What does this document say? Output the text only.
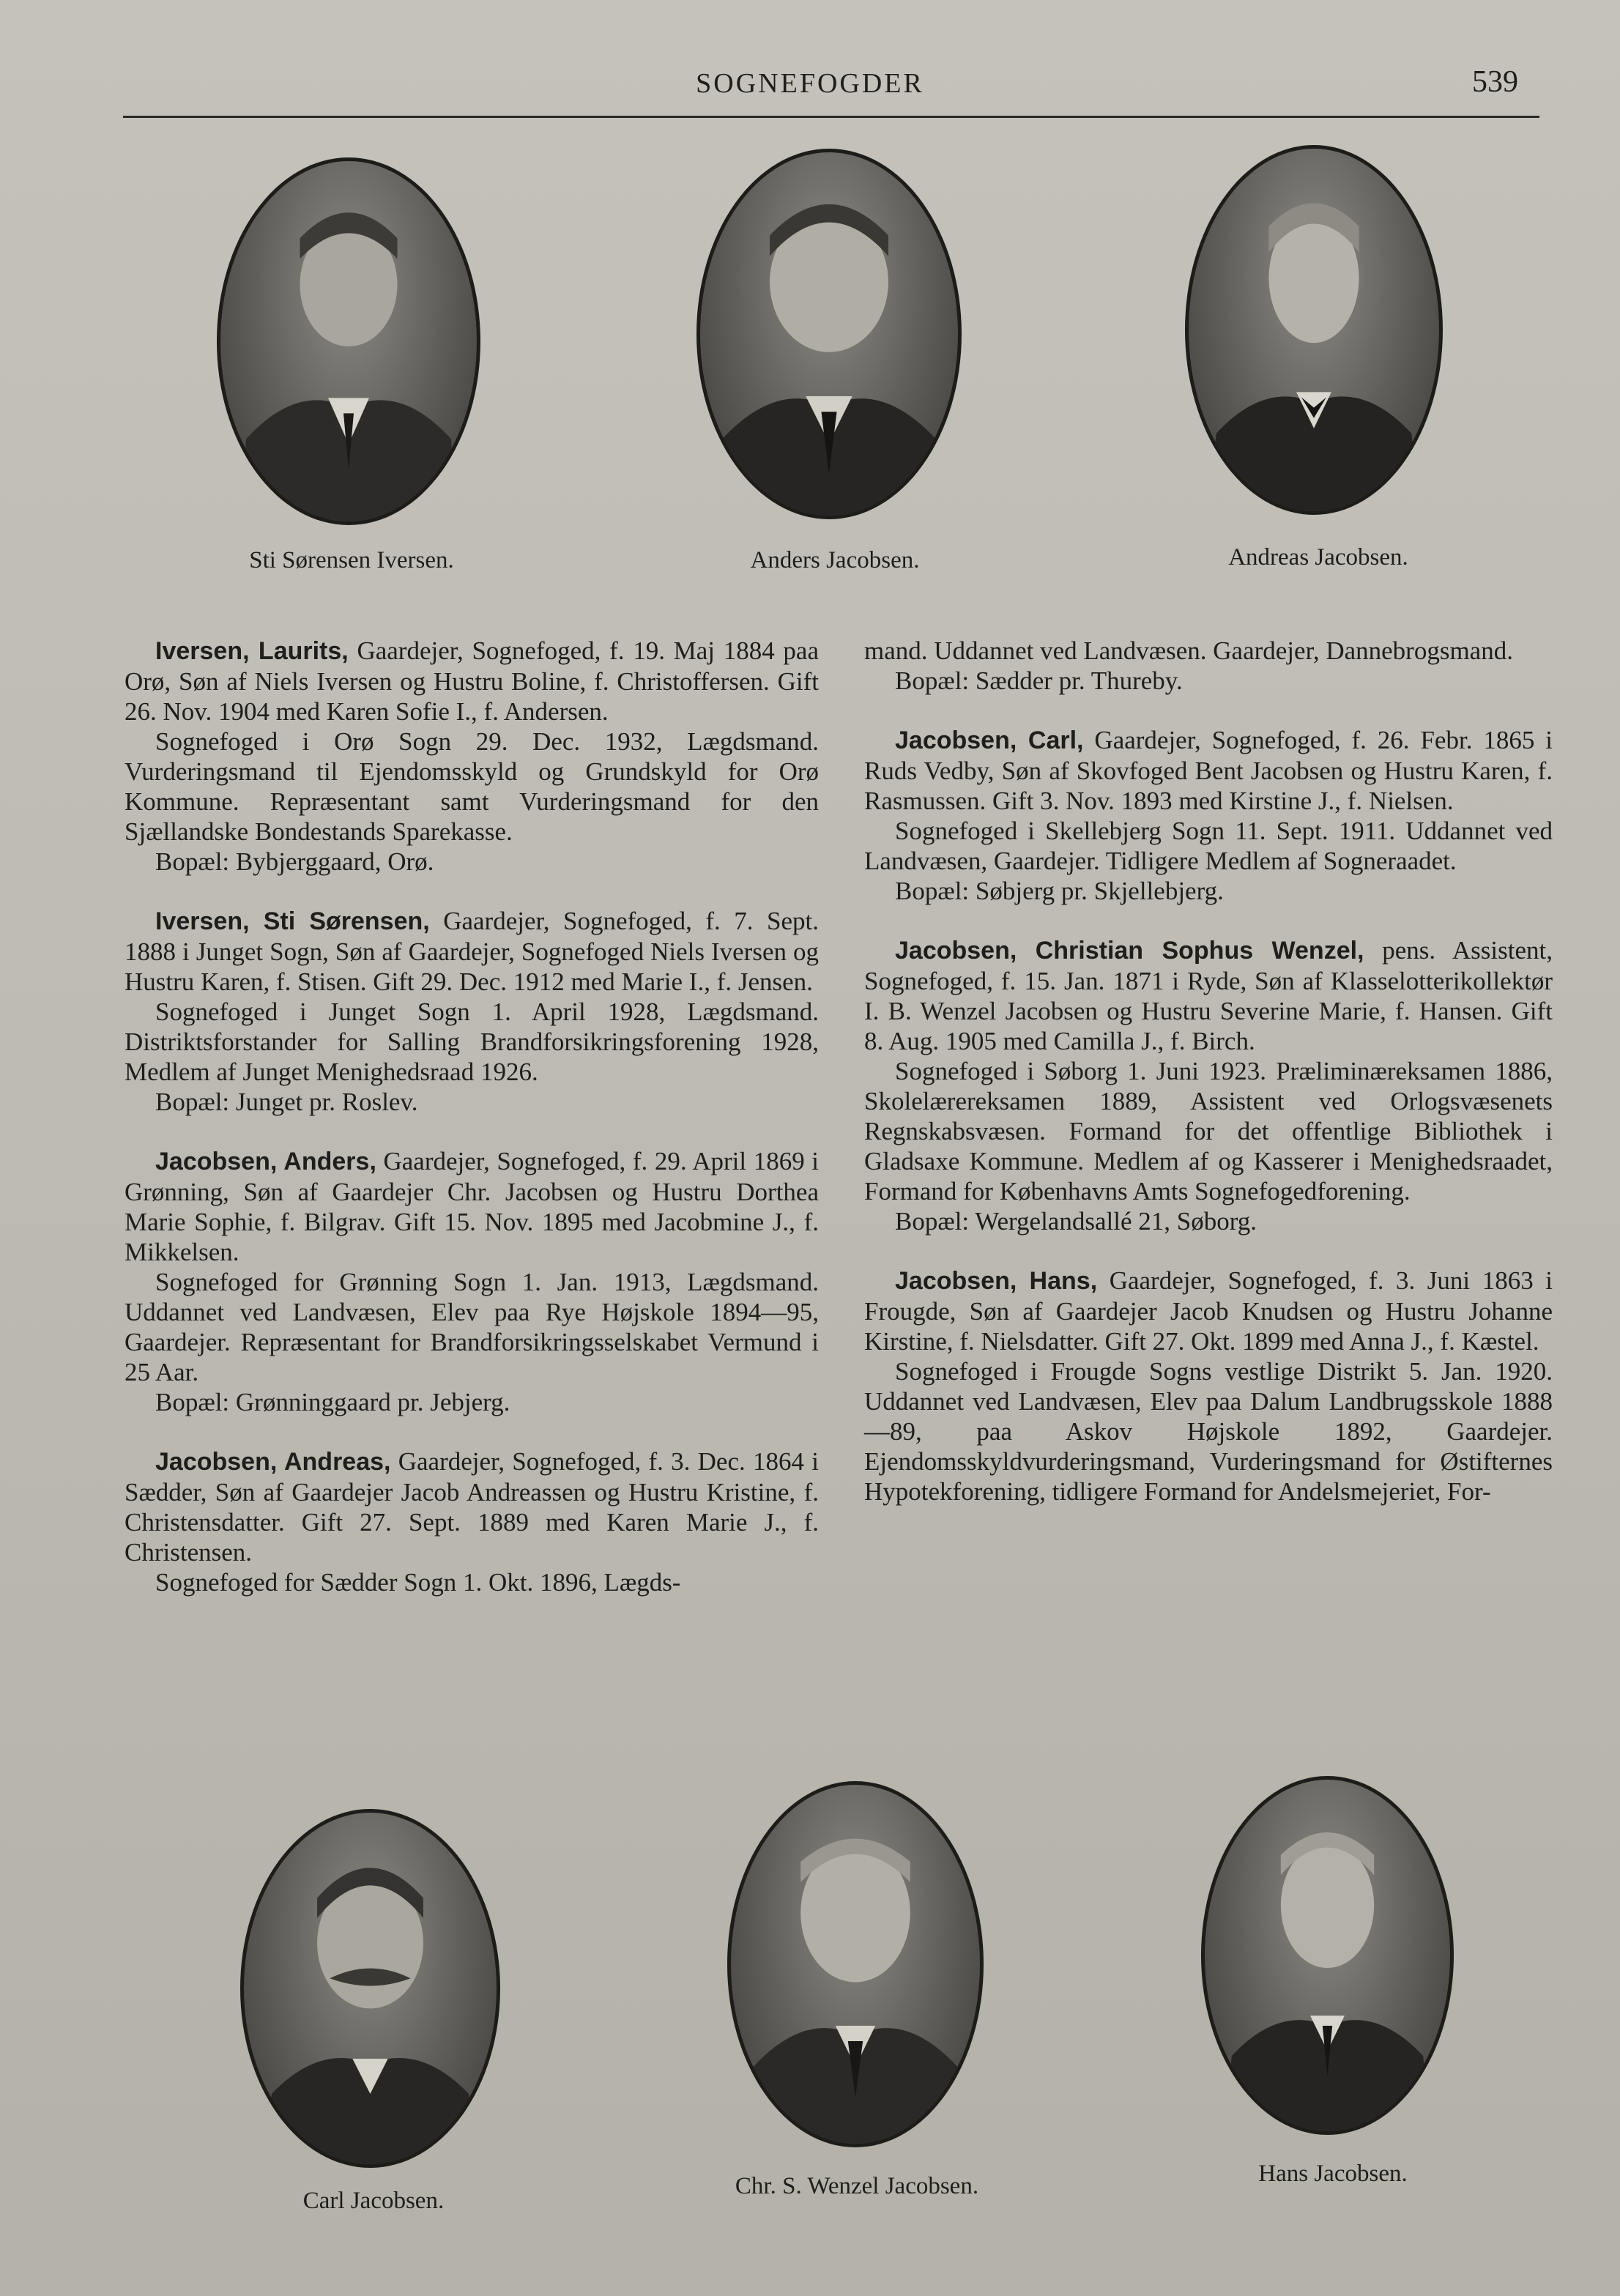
SOGNEFOGDER	539
Sti Sørensen Iversen.	Anders Jacobsen.	Andreas Jacobsen.

Iversen, Laurits, Gaardejer, Sognefoged, f. 19. Maj 1884 paa Orø, Søn af Niels Iversen og Hustru Boline, f. Christoffersen. Gift 26. Nov. 1904 med Karen Sofie I., f. Andersen.

Sognefoged i Orø Sogn 29. Dec. 1932, Lægdsmand. Vurderingsmand til Ejendomsskyld og Grundskyld for Orø Kommune. Repræsentant samt Vurderingsmand for den Sjællandske Bondestands Sparekasse.

Bopæl: Bybjerggaard, Orø.

Iversen, Sti Sørensen, Gaardejer, Sognefoged, f. 7. Sept. 1888 i Junget Sogn, Søn af Gaardejer, Sognefoged Niels Iversen og Hustru Karen, f. Stisen. Gift 29. Dec. 1912 med Marie I., f. Jensen.

Sognefoged i Junget Sogn 1. April 1928, Lægdsmand. Distriktsforstander for Salling Brandforsikringsforening 1928, Medlem af Junget Menighedsraad 1926.

Bopæl: Junget pr. Roslev.

Jacobsen, Anders, Gaardejer, Sognefoged, f. 29. April 1869 i Grønning, Søn af Gaardejer Chr. Jacobsen og Hustru Dorthea Marie Sophie, f. Bilgrav. Gift 15. Nov. 1895 med Jacobmine J., f. Mikkelsen.

Sognefoged for Grønning Sogn 1. Jan. 1913, Lægdsmand. Uddannet ved Landvæsen, Elev paa Rye Højskole 1894—95, Gaardejer. Repræsentant for Brandforsikringsselskabet Vermund i 25 Aar.

Bopæl: Grønninggaard pr. Jebjerg.

Jacobsen, Andreas, Gaardejer, Sognefoged, f. 3. Dec. 1864 i Sædder, Søn af Gaardejer Jacob Andreassen og Hustru Kristine, f. Christensdatter. Gift 27. Sept. 1889 med Karen Marie J., f. Christensen.

Sognefoged for Sædder Sogn 1. Okt. 1896, Lægds-

mand. Uddannet ved Landvæsen. Gaardejer, Dannebrogsmand.

Bopæl: Sædder pr. Thureby.

Jacobsen, Carl, Gaardejer, Sognefoged, f. 26. Febr. 1865 i Ruds Vedby, Søn af Skovfoged Bent Jacobsen og Hustru Karen, f. Rasmussen. Gift 3. Nov. 1893 med Kirstine J., f. Nielsen.

Sognefoged i Skellebjerg Sogn 11. Sept. 1911. Uddannet ved Landvæsen, Gaardejer. Tidligere Medlem af Sogneraadet.

Bopæl: Søbjerg pr. Skjellebjerg.

Jacobsen, Christian Sophus Wenzel, pens. Assistent, Sognefoged, f. 15. Jan. 1871 i Ryde, Søn af Klasselotterikollektør I. B. Wenzel Jacobsen og Hustru Severine Marie, f. Hansen. Gift 8. Aug. 1905 med Camilla J., f. Birch.

Sognefoged i Søborg 1. Juni 1923. Præliminæreksamen 1886, Skolelærereksamen 1889, Assistent ved Orlogsvæsenets Regnskabsvæsen. Formand for det offentlige Bibliothek i Gladsaxe Kommune. Medlem af og Kasserer i Menighedsraadet, Formand for Københavns Amts Sognefogedforening.

Bopæl: Wergelandsallé 21, Søborg.

Jacobsen, Hans, Gaardejer, Sognefoged, f. 3. Juni 1863 i Frougde, Søn af Gaardejer Jacob Knudsen og Hustru Johanne Kirstine, f. Nielsdatter. Gift 27. Okt. 1899 med Anna J., f. Kæstel.

Sognefoged i Frougde Sogns vestlige Distrikt 5. Jan. 1920. Uddannet ved Landvæsen, Elev paa Dalum Landbrugsskole 1888—89, paa Askov Højskole 1892, Gaardejer. Ejendomsskyldvurderingsmand, Vurderingsmand for Østifternes Hypotekforening, tidligere Formand for Andelsmejeriet, For-

Carl Jacobsen.
Chr. S. Wenzel Jacobsen.	Hans Jacobsen.
